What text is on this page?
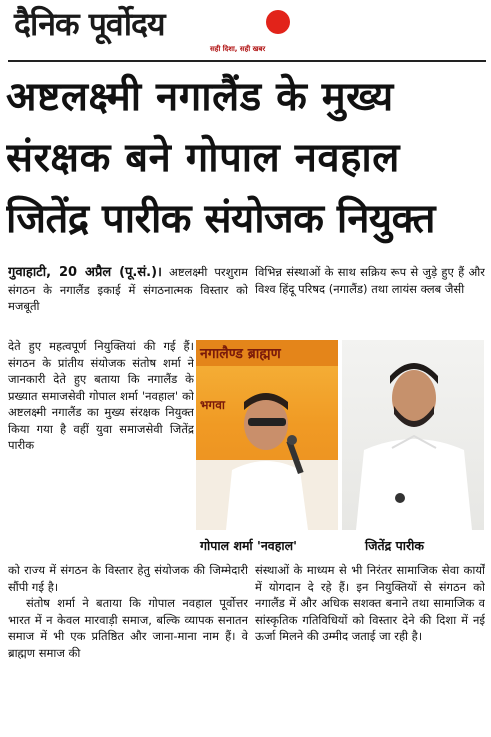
दैनिक पूर्वोदय
सही दिशा, सही खबर
अष्टलक्ष्मी नगालैंड के मुख्य
संरक्षक बने गोपाल नवहाल
जितेंद्र पारीक संयोजक नियुक्त

गुवाहाटी, 20 अप्रैल (पू.सं.)। अष्टलक्ष्मी परशुराम संगठन के नगालैंड इकाई में संगठनात्मक विस्तार को मजबूती

विभिन्न संस्थाओं के साथ सक्रिय रूप से जुड़े हुए हैं और विश्व हिंदू परिषद (नगालैंड) तथा लायंस क्लब जैसी

देते हुए महत्वपूर्ण नियुक्तियां की गई हैं। संगठन के प्रांतीय संयोजक संतोष शर्मा ने जानकारी देते हुए बताया कि नगालैंड के प्रख्यात समाजसेवी गोपाल शर्मा 'नवहाल' को अष्टलक्ष्मी नगालैंड का मुख्य संरक्षक नियुक्त किया गया है वहीं युवा समाजसेवी जितेंद्र पारीक

नगालैण्ड ब्राह्मण
भगवा
गोपाल शर्मा 'नवहाल'	जितेंद्र पारीक

को राज्य में संगठन के विस्तार हेतु संयोजक की जिम्मेदारी सौंपी गई है।

संतोष शर्मा ने बताया कि गोपाल नवहाल पूर्वोत्तर भारत में न केवल मारवाड़ी समाज, बल्कि व्यापक सनातन समाज में भी एक प्रतिष्ठित और जाना-माना नाम हैं। वे ब्राह्मण समाज की

संस्थाओं के माध्यम से भी निरंतर सामाजिक सेवा कार्यों में योगदान दे रहे हैं। इन नियुक्तियों से संगठन को नगालैंड में और अधिक सशक्त बनाने तथा सामाजिक व सांस्कृतिक गतिविधियों को विस्तार देने की दिशा में नई ऊर्जा मिलने की उम्मीद जताई जा रही है।
